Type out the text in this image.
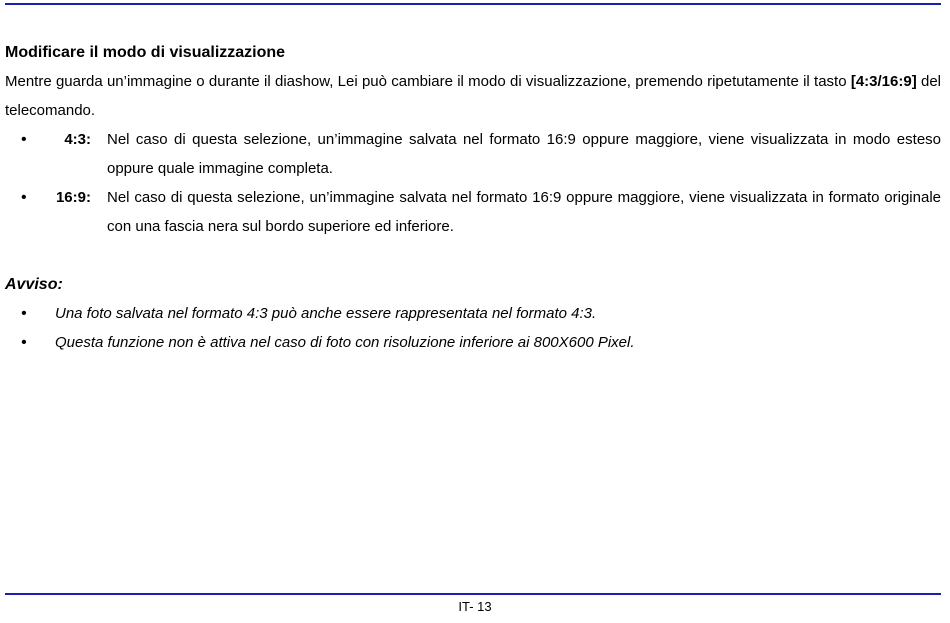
Modificare il modo di visualizzazione
Mentre guarda un’immagine o durante il diashow, Lei può cambiare il modo di visualizzazione, premendo ripetutamente il tasto [4:3/16:9] del telecomando.
•	4:3: Nel caso di questa selezione, un’immagine salvata nel formato 16:9 oppure maggiore, viene visualizzata in modo esteso oppure quale immagine completa.
•	16:9: Nel caso di questa selezione, un’immagine salvata nel formato 16:9 oppure maggiore, viene visualizzata in formato originale con una fascia nera sul bordo superiore ed inferiore.
Avviso:
• Una foto salvata nel formato 4:3 può anche essere rappresentata nel formato 4:3.
• Questa funzione non è attiva nel caso di foto con risoluzione inferiore ai 800X600 Pixel.
IT- 13
